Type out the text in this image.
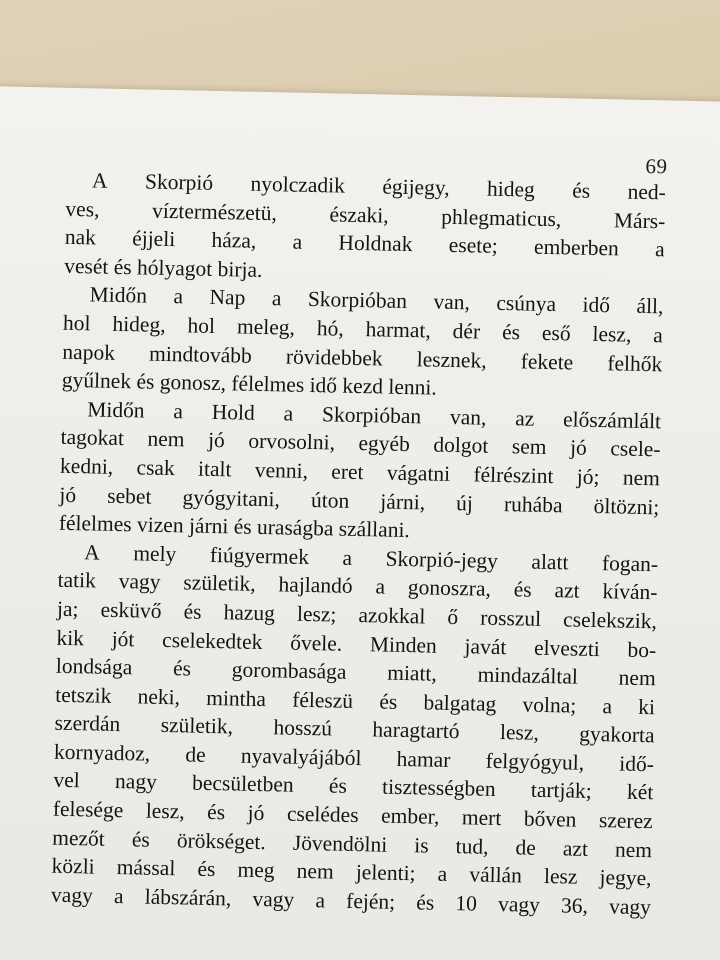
69
A Skorpió nyolczadik égijegy, hideg és ned-
ves, víztermészetü, északi, phlegmaticus, Márs-
nak éjjeli háza, a Holdnak esete; emberben a
vesét és hólyagot birja.
Midőn a Nap a Skorpióban van, csúnya idő áll,
hol hideg, hol meleg, hó, harmat, dér és eső lesz, a
napok mindtovább rövidebbek lesznek, fekete felhők
gyűlnek és gonosz, félelmes idő kezd lenni.
Midőn a Hold a Skorpióban van, az előszámlált
tagokat nem jó orvosolni, egyéb dolgot sem jó csele-
kedni, csak italt venni, eret vágatni félrészint jó; nem
jó sebet gyógyitani, úton járni, új ruhába öltözni;
félelmes vizen járni és uraságba szállani.
A mely fiúgyermek a Skorpió-jegy alatt fogan-
tatik vagy születik, hajlandó a gonoszra, és azt kíván-
ja; esküvő és hazug lesz; azokkal ő rosszul cselekszik,
kik jót cselekedtek ővele. Minden javát elveszti bo-
londsága és gorombasága miatt, mindazáltal nem
tetszik neki, mintha féleszü és balgatag volna; a ki
szerdán születik, hosszú haragtartó lesz, gyakorta
kornyadoz, de nyavalyájából hamar felgyógyul, idő-
vel nagy becsületben és tisztességben tartják; két
felesége lesz, és jó cselédes ember, mert bőven szerez
mezőt és örökséget. Jövendölni is tud, de azt nem
közli mással és meg nem jelenti; a vállán lesz jegye,
vagy a lábszárán, vagy a fején; és 10 vagy 36, vagy
